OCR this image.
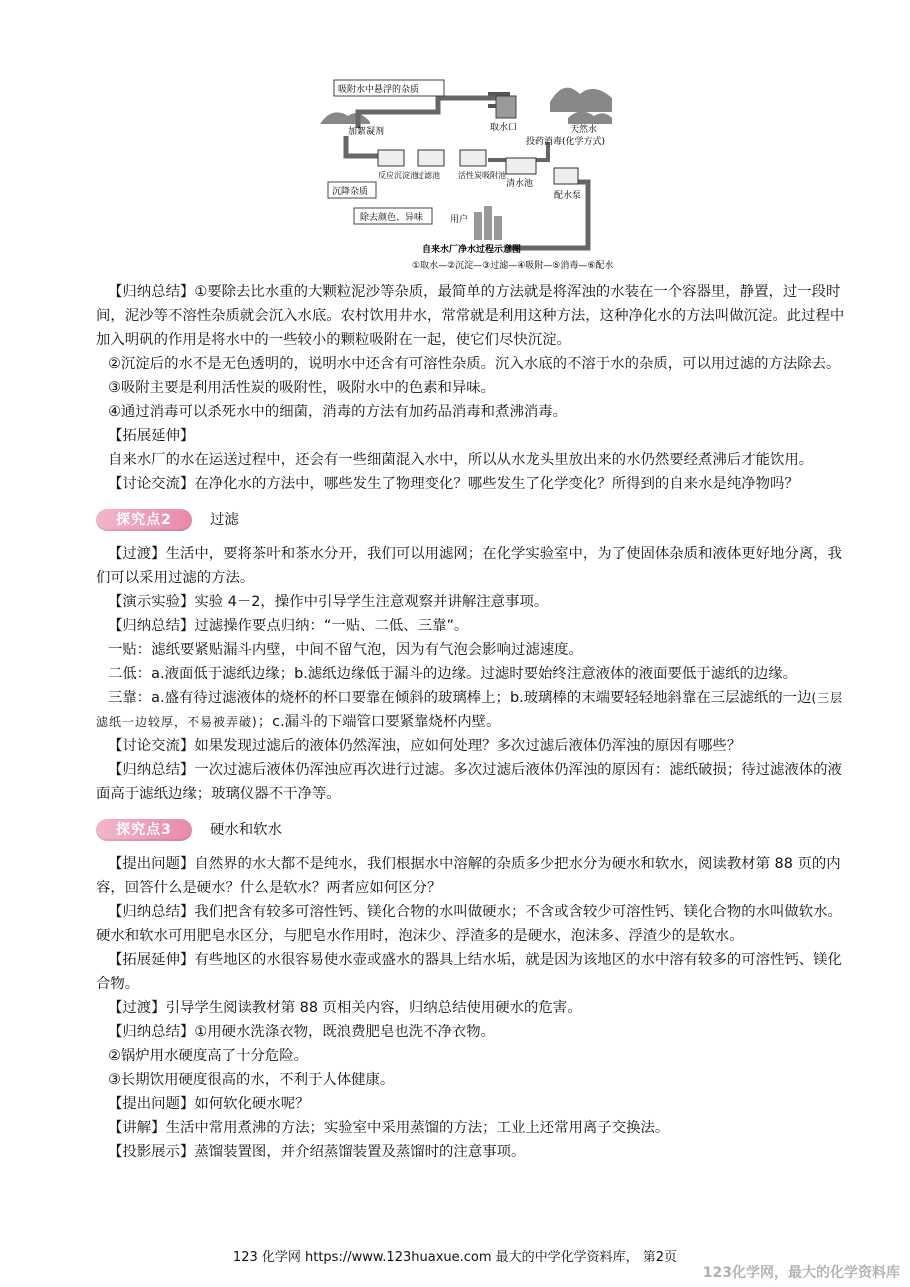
吸附水中悬浮的杂质
取水口	天然水
加絮凝剂
投药消毒(化学方式)
沉降杂质
反应沉淀池
过滤池 活性炭吸附池
清水池
配水泵
除去颜色、异味	用户
自来水厂净水过程示意图
①取水—②沉淀—③过滤—④吸附—⑤消毒—⑥配水

【归纳总结】①要除去比水重的大颗粒泥沙等杂质，最简单的方法就是将浑浊的水装在一个容器里，静置，过一段时间，泥沙等不溶性杂质就会沉入水底。农村饮用井水，常常就是利用这种方法，这种净化水的方法叫做沉淀。此过程中加入明矾的作用是将水中的一些较小的颗粒吸附在一起，使它们尽快沉淀。

②沉淀后的水不是无色透明的，说明水中还含有可溶性杂质。沉入水底的不溶于水的杂质，可以用过滤的方法除去。

③吸附主要是利用活性炭的吸附性，吸附水中的色素和异味。

④通过消毒可以杀死水中的细菌，消毒的方法有加药品消毒和煮沸消毒。

【拓展延伸】

自来水厂的水在运送过程中，还会有一些细菌混入水中，所以从水龙头里放出来的水仍然要经煮沸后才能饮用。

【讨论交流】在净化水的方法中，哪些发生了物理变化？哪些发生了化学变化？所得到的自来水是纯净物吗？

探究点2	过滤

【过渡】生活中，要将茶叶和茶水分开，我们可以用滤网；在化学实验室中，为了使固体杂质和液体更好地分离，我们可以采用过滤的方法。

【演示实验】实验 4－2，操作中引导学生注意观察并讲解注意事项。

【归纳总结】过滤操作要点归纳：“一贴、二低、三靠”。

一贴：滤纸要紧贴漏斗内壁，中间不留气泡，因为有气泡会影响过滤速度。

二低：a.液面低于滤纸边缘；b.滤纸边缘低于漏斗的边缘。过滤时要始终注意液体的液面要低于滤纸的边缘。

三靠：a.盛有待过滤液体的烧杯的杯口要靠在倾斜的玻璃棒上；b.玻璃棒的末端要轻轻地斜靠在三层滤纸的一边(三层滤纸一边较厚，不易被弄破)；c.漏斗的下端管口要紧靠烧杯内壁。

【讨论交流】如果发现过滤后的液体仍然浑浊，应如何处理？多次过滤后液体仍浑浊的原因有哪些？

【归纳总结】一次过滤后液体仍浑浊应再次进行过滤。多次过滤后液体仍浑浊的原因有：滤纸破损；待过滤液体的液面高于滤纸边缘；玻璃仪器不干净等。

探究点3	硬水和软水

【提出问题】自然界的水大都不是纯水，我们根据水中溶解的杂质多少把水分为硬水和软水，阅读教材第 88 页的内容，回答什么是硬水？什么是软水？两者应如何区分？

【归纳总结】我们把含有较多可溶性钙、镁化合物的水叫做硬水；不含或含较少可溶性钙、镁化合物的水叫做软水。硬水和软水可用肥皂水区分，与肥皂水作用时，泡沫少、浮渣多的是硬水，泡沫多、浮渣少的是软水。

【拓展延伸】有些地区的水很容易使水壶或盛水的器具上结水垢，就是因为该地区的水中溶有较多的可溶性钙、镁化合物。

【过渡】引导学生阅读教材第 88 页相关内容，归纳总结使用硬水的危害。

【归纳总结】①用硬水洗涤衣物，既浪费肥皂也洗不净衣物。

②锅炉用水硬度高了十分危险。

③长期饮用硬度很高的水，不利于人体健康。

【提出问题】如何软化硬水呢？

【讲解】生活中常用煮沸的方法；实验室中采用蒸馏的方法；工业上还常用离子交换法。

【投影展示】蒸馏装置图，并介绍蒸馏装置及蒸馏时的注意事项。

123 化学网 https://www.123huaxue.com 最大的中学化学资料库， 第2页
123化学网，最大的化学资料库
